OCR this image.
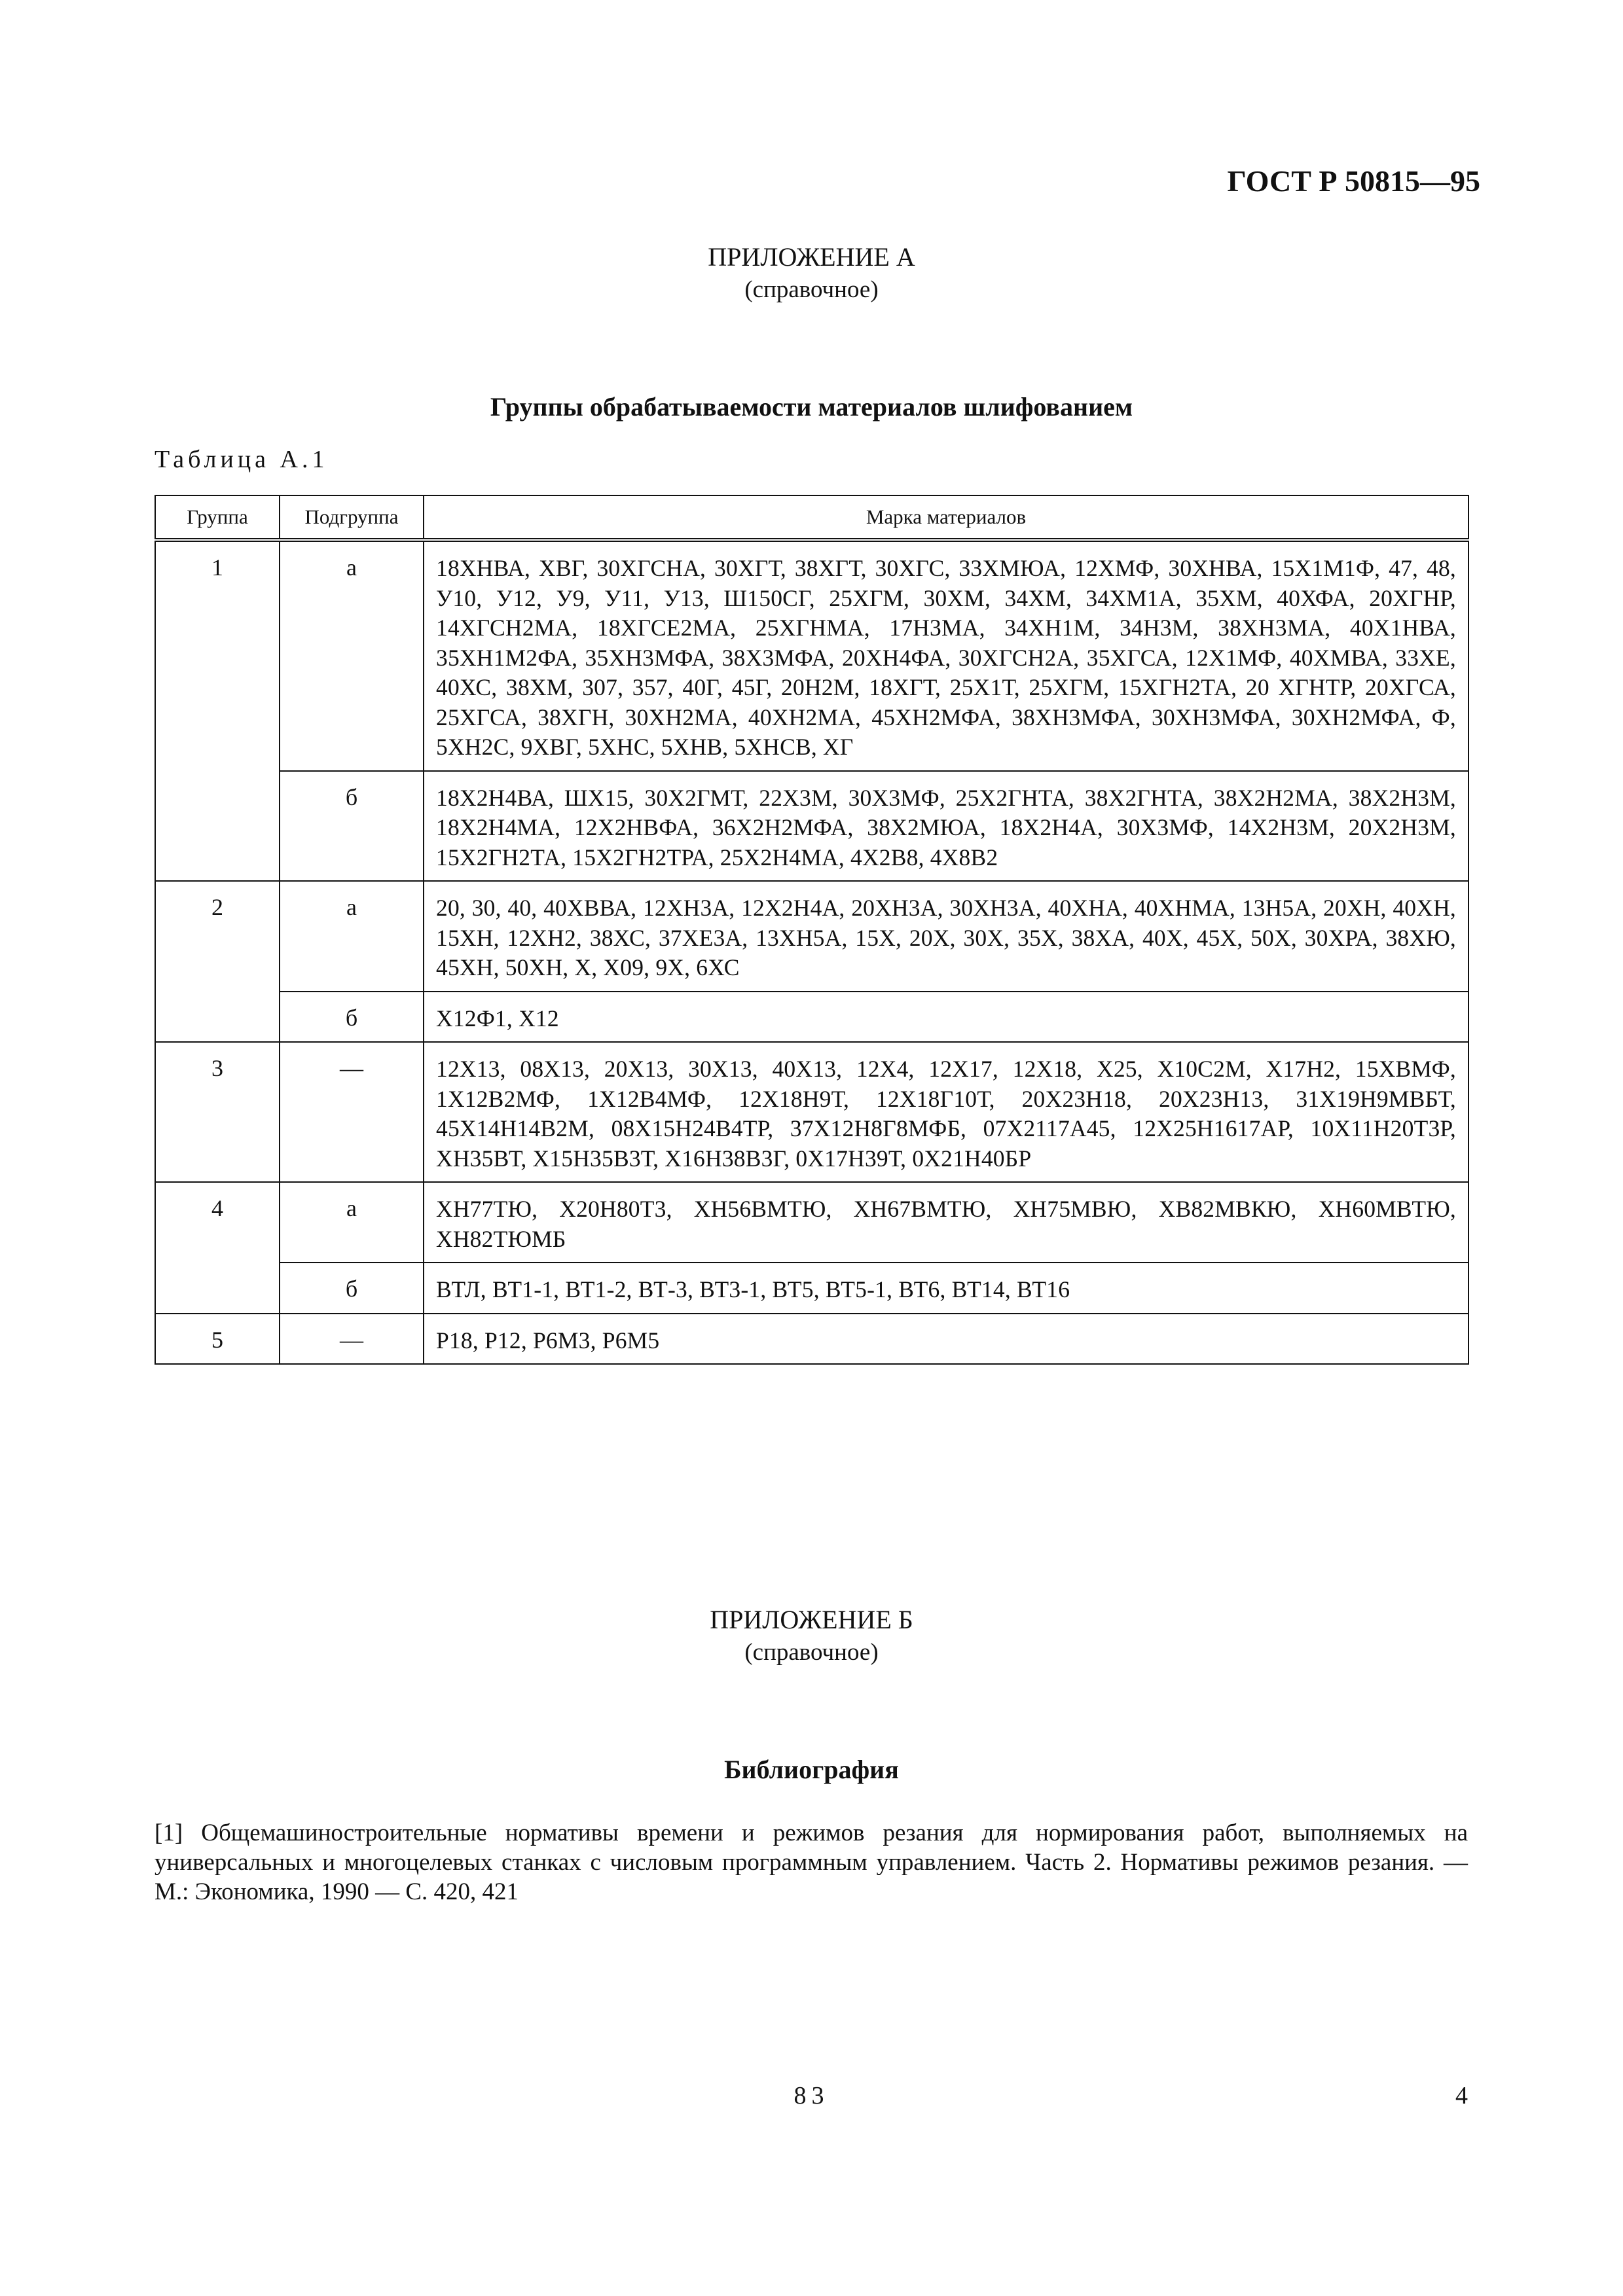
ГОСТ Р 50815—95
ПРИЛОЖЕНИЕ А
(справочное)
Группы обрабатываемости материалов шлифованием
Таблица А.1
Группа	Подгруппа	Марка материалов
1	а	18ХНВА, ХВГ, 30ХГСНА, 30ХГТ, 38ХГТ, 30ХГС, 33ХМЮА, 12ХМФ, 30ХНВА, 15Х1М1Ф, 47, 48, У10, У12, У9, У11, У13, Ш150СГ, 25ХГМ, 30ХМ, 34ХМ, 34ХМ1А, 35ХМ, 40ХФА, 20ХГНР, 14ХГСН2МА, 18ХГСЕ2МА, 25ХГНМА, 17Н3МА, 34ХН1М, 34Н3М, 38ХН3МА, 40Х1НВА, 35ХН1М2ФА, 35ХН3МФА, 38Х3МФА, 20ХН4ФА, 30ХГСН2А, 35ХГСА, 12Х1МФ, 40ХМВА, 33ХЕ, 40ХС, 38ХМ, 307, 357, 40Г, 45Г, 20Н2М, 18ХГТ, 25Х1Т, 25ХГМ, 15ХГН2ТА, 20 ХГНТР, 20ХГСА, 25ХГСА, 38ХГН, 30ХН2МА, 40ХН2МА, 45ХН2МФА, 38ХН3МФА, 30ХН3МФА, 30ХН2МФА, Ф, 5ХН2С, 9ХВГ, 5ХНС, 5ХНВ, 5ХНСВ, ХГ
	б	18Х2Н4ВА, ШХ15, 30Х2ГМТ, 22Х3М, 30Х3МФ, 25Х2ГНТА, 38Х2ГНТА, 38Х2Н2МА, 38Х2Н3М, 18Х2Н4МА, 12Х2НВФА, 36Х2Н2МФА, 38Х2МЮА, 18Х2Н4А, 30Х3МФ, 14Х2Н3М, 20Х2Н3М, 15Х2ГН2ТА, 15Х2ГН2ТРА, 25Х2Н4МА, 4Х2В8, 4Х8В2
2	а	20, 30, 40, 40ХВВА, 12ХН3А, 12Х2Н4А, 20ХН3А, 30ХН3А, 40ХНА, 40ХНМА, 13Н5А, 20ХН, 40ХН, 15ХН, 12ХН2, 38ХС, 37ХЕ3А, 13ХН5А, 15Х, 20Х, 30Х, 35Х, 38ХА, 40Х, 45Х, 50Х, 30ХРА, 38ХЮ, 45ХН, 50ХН, Х, Х09, 9Х, 6ХС
	б	Х12Ф1, Х12
3	—	12Х13, 08Х13, 20Х13, 30Х13, 40Х13, 12Х4, 12Х17, 12Х18, Х25, Х10С2М, Х17Н2, 15ХВМФ, 1Х12В2МФ, 1Х12В4МФ, 12Х18Н9Т, 12Х18Г10Т, 20Х23Н18, 20Х23Н13, 31Х19Н9МВБТ, 45Х14Н14В2М, 08Х15Н24В4ТР, 37Х12Н8Г8МФБ, 07Х2117А45, 12Х25Н1617АР, 10Х11Н20Т3Р, ХН35ВТ, Х15Н35В3Т, Х16Н38В3Г, 0Х17Н39Т, 0Х21Н40БР
4	а	ХН77ТЮ, Х20Н80Т3, ХН56ВМТЮ, ХН67ВМТЮ, ХН75МВЮ, ХВ82МВКЮ, ХН60МВТЮ, ХН82ТЮМБ
	б	ВТЛ, ВТ1-1, ВТ1-2, ВТ-3, ВТ3-1, ВТ5, ВТ5-1, ВТ6, ВТ14, ВТ16
5	—	Р18, Р12, Р6М3, Р6М5
ПРИЛОЖЕНИЕ Б
(справочное)
Библиография
[1] Общемашиностроительные нормативы времени и режимов резания для нормирования работ, выполняемых на универсальных и многоцелевых станках с числовым программным управлением. Часть 2. Нормативы режимов резания. — М.: Экономика, 1990 — С. 420, 421
83	4
